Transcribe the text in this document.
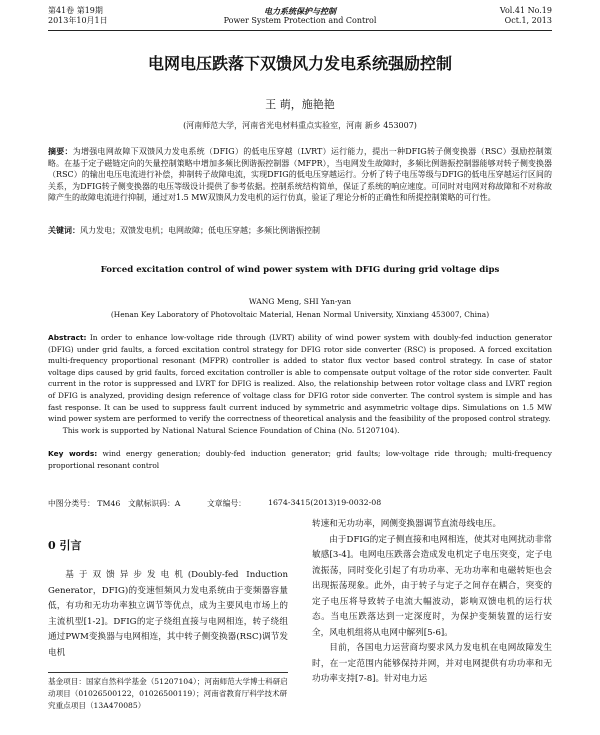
第41卷 第19期
2013年10月1日
电力系统保护与控制
Power System Protection and Control
Vol.41 No.19
Oct.1, 2013
电网电压跌落下双馈风力发电系统强励控制
王 萌，施艳艳
(河南师范大学，河南省光电材料重点实验室，河南 新乡 453007)
摘要：为增强电网故障下双馈风力发电系统（DFIG）的低电压穿越（LVRT）运行能力，提出一种DFIG转子侧变换器（RSC）强励控制策略。在基于定子磁链定向的矢量控制策略中增加多频比例谐振控制器（MFPR），当电网发生故障时，多频比例谐振控制器能够对转子侧变换器（RSC）的输出电压电流进行补偿，抑制转子故障电流，实现DFIG的低电压穿越运行。分析了转子电压等级与DFIG的低电压穿越运行区间的关系，为DFIG转子侧变换器的电压等级设计提供了参考依据。控制系统结构简单，保证了系统的响应速度。可同时对电网对称故障和不对称故障产生的故障电流进行抑制，通过对1.5 MW双馈风力发电机的运行仿真，验证了理论分析的正确性和所提控制策略的可行性。
关键词：风力发电；双馈发电机；电网故障；低电压穿越；多频比例谐振控制
Forced excitation control of wind power system with DFIG during grid voltage dips
WANG Meng, SHI Yan-yan
(Henan Key Laboratory of Photovoltaic Material, Henan Normal University, Xinxiang 453007, China)
Abstract: In order to enhance low-voltage ride through (LVRT) ability of wind power system with doubly-fed induction generator (DFIG) under grid faults, a forced excitation control strategy for DFIG rotor side converter (RSC) is proposed. A forced excitation multi-frequency proportional resonant (MFPR) controller is added to stator flux vector based control strategy. In case of stator voltage dips caused by grid faults, forced excitation controller is able to compensate output voltage of the rotor side converter. Fault current in the rotor is suppressed and LVRT for DFIG is realized. Also, the relationship between rotor voltage class and LVRT region of DFIG is analyzed, providing design reference of voltage class for DFIG rotor side converter. The control system is simple and has fast response. It can be used to suppress fault current induced by symmetric and asymmetric voltage dips. Simulations on 1.5 MW wind power system are performed to verify the correctness of theoretical analysis and the feasibility of the proposed control strategy.
This work is supported by National Natural Science Foundation of China (No. 51207104).
Key words: wind energy generation; doubly-fed induction generator; grid faults; low-voltage ride through; multi-frequency proportional resonant control
中图分类号： TM46 文献标识码：A	文章编号：	1674-3415(2013)19-0032-08
0 引言
基于双馈异步发电机(Doubly-fed Induction Generator，DFIG)的变速恒频风力发电系统由于变频器容量低，有功和无功功率独立调节等优点，成为主要风电市场上的主流机型[1-2]。DFIG的定子绕组直接与电网相连，转子绕组通过PWM变换器与电网相连，其中转子侧变换器(RSC)调节发电机

转速和无功功率，网侧变换器调节直流母线电压。

由于DFIG的定子侧直接和电网相连，使其对电网扰动非常敏感[3-4]。电网电压跌落会造成发电机定子电压突变，定子电流振荡，同时变化引起了有功功率、无功功率和电磁转矩也会出现振荡现象。此外，由于转子与定子之间存在耦合，突变的定子电压将导致转子电流大幅波动，影响双馈电机的运行状态。当电压跌落达到一定深度时，为保护变频装置的运行安全，风电机组将从电网中解列[5-6]。

目前，各国电力运营商均要求风力发电机在电网故障发生时，在一定范围内能够保持并网，并对电网提供有功功率和无功功率支持[7-8]。针对电力运

基金项目：国家自然科学基金（51207104）；河南师范大学博士科研启动项目（01026500122，01026500119）；河南省教育厅科学技术研究重点项目（13A470085）
